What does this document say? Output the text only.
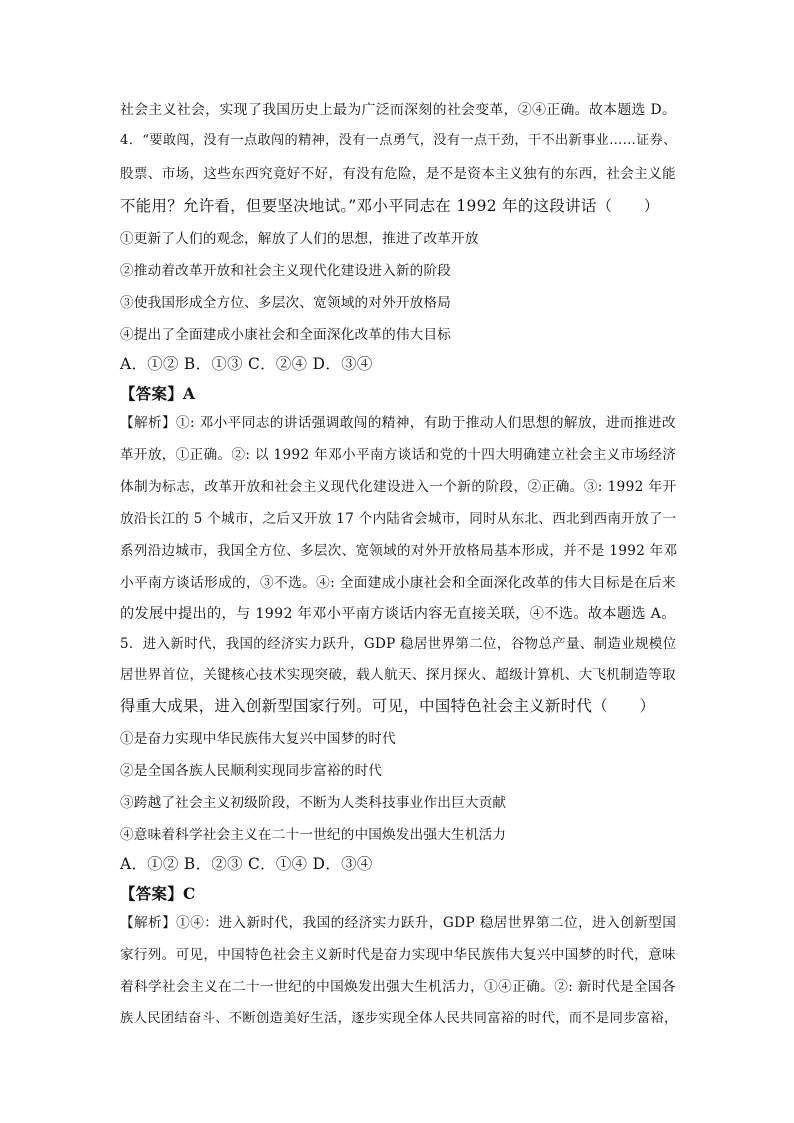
社会主义社会，实现了我国历史上最为广泛而深刻的社会变革，②④正确。故本题选 D。
4．“要敢闯，没有一点敢闯的精神，没有一点勇气，没有一点干劲，干不出新事业……证券、
股票、市场，这些东西究竟好不好，有没有危险，是不是资本主义独有的东西，社会主义能
不能用？允许看，但要坚决地试。”邓小平同志在 1992 年的这段讲话（　　）
①更新了人们的观念，解放了人们的思想，推进了改革开放
②推动着改革开放和社会主义现代化建设进入新的阶段
③使我国形成全方位、多层次、宽领域的对外开放格局
④提出了全面建成小康社会和全面深化改革的伟大目标
A．①② B．①③ C．②④ D．③④
【答案】A
【解析】①: 邓小平同志的讲话强调敢闯的精神，有助于推动人们思想的解放，进而推进改
革开放，①正确。②: 以 1992 年邓小平南方谈话和党的十四大明确建立社会主义市场经济
体制为标志，改革开放和社会主义现代化建设进入一个新的阶段，②正确。③: 1992 年开
放沿长江的 5 个城市，之后又开放 17 个内陆省会城市，同时从东北、西北到西南开放了一
系列沿边城市，我国全方位、多层次、宽领域的对外开放格局基本形成，并不是 1992 年邓
小平南方谈话形成的，③不选。④: 全面建成小康社会和全面深化改革的伟大目标是在后来
的发展中提出的，与 1992 年邓小平南方谈话内容无直接关联，④不选。故本题选 A。
5．进入新时代，我国的经济实力跃升，GDP 稳居世界第二位，谷物总产量、制造业规模位
居世界首位，关键核心技术实现突破，载人航天、探月探火、超级计算机、大飞机制造等取
得重大成果，进入创新型国家行列。可见，中国特色社会主义新时代（　　）
①是奋力实现中华民族伟大复兴中国梦的时代
②是全国各族人民顺利实现同步富裕的时代
③跨越了社会主义初级阶段，不断为人类科技事业作出巨大贡献
④意味着科学社会主义在二十一世纪的中国焕发出强大生机活力
A．①② B．②③ C．①④ D．③④
【答案】C
【解析】①④：进入新时代，我国的经济实力跃升，GDP 稳居世界第二位，进入创新型国
家行列。可见，中国特色社会主义新时代是奋力实现中华民族伟大复兴中国梦的时代，意味
着科学社会主义在二十一世纪的中国焕发出强大生机活力，①④正确。②: 新时代是全国各
族人民团结奋斗、不断创造美好生活，逐步实现全体人民共同富裕的时代，而不是同步富裕，
